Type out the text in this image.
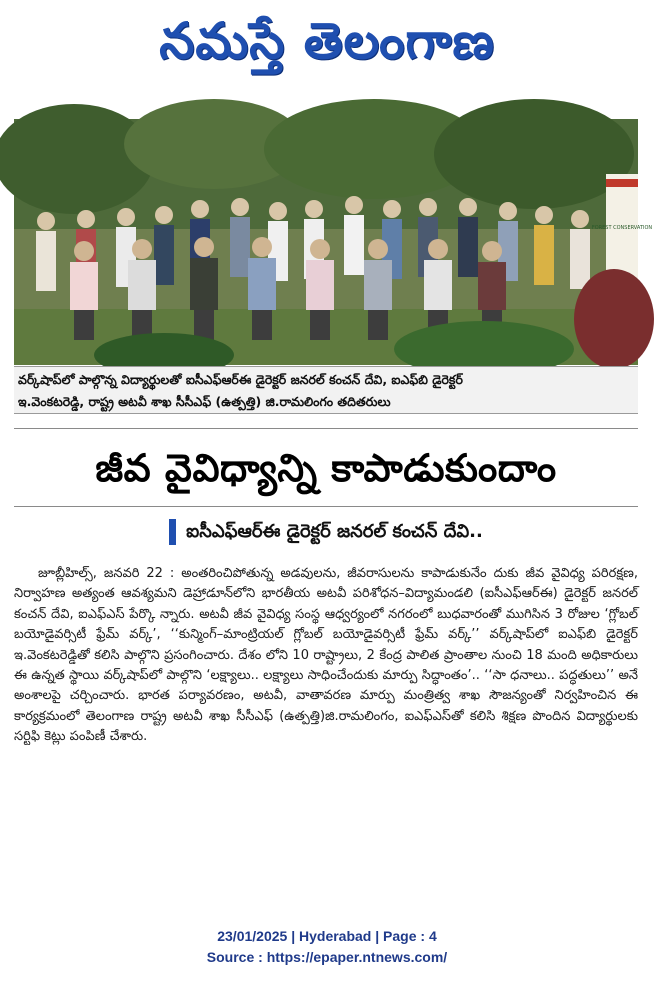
నమస్తే తెలంగాణ
FOREST CONSERVATION
వర్క్‌షాప్‌లో పాల్గొన్న విద్యార్థులతో ఐసీఎఫ్‌ఆర్‌ఈ డైరెక్టర్ జనరల్ కంచన్ దేవి, ఐఎఫ్‌బి డైరెక్టర్
ఇ.వెంకటరెడ్డి, రాష్ట్ర అటవీ శాఖ సీసీఎఫ్ (ఉత్పత్తి) జి.రామలింగం తదితరులు
జీవ వైవిధ్యాన్ని కాపాడుకుందాం
ఐసీఎఫ్‌ఆర్‌ఈ డైరెక్టర్ జనరల్ కంచన్ దేవి..
జూబ్లీహిల్స్, జనవరి 22 : అంతరించిపోతున్న అడవులను, జీవరాసులను కాపాడుకునేం దుకు జీవ వైవిధ్య పరిరక్షణ, నిర్వాహణ అత్యంత ఆవశ్యమని డెహ్రాడూన్‌లోని భారతీయ అటవీ పరిశోధన–విద్యామండలి (ఐసీఎఫ్‌ఆర్‌ఈ) డైరెక్టర్ జనరల్ కంచన్ దేవి, ఐఎఫ్‌ఎస్ పేర్కొ న్నారు. అటవీ జీవ వైవిధ్య సంస్థ ఆధ్వర్యంలో నగరంలో బుధవారంతో ముగిసిన 3 రోజుల ‘గ్లోబల్ బయోడైవర్సిటీ ఫ్రేమ్ వర్క్’, ‘‘కున్మింగ్–మాంట్రియల్ గ్లోబల్ బయోడైవర్సిటీ ఫ్రేమ్ వర్క్’’ వర్క్‌షాప్‌లో ఐఎఫ్‌బి డైరెక్టర్ ఇ.వెంకటరెడ్డితో కలిసి పాల్గొని ప్రసంగించారు. దేశం లోని 10 రాష్ట్రాలు, 2 కేంద్ర పాలిత ప్రాంతాల నుంచి 18 మంది అధికారులు ఈ ఉన్నత స్థాయి వర్క్‌షాప్‌లో పాల్గొని ‘లక్ష్యాలు.. లక్ష్యాలు సాధించేందుకు మార్పు సిద్ధాంతం’.. ‘‘సా ధనాలు.. పద్ధతులు’’ అనే అంశాలపై చర్చించారు. భారత పర్యావరణం, అటవీ, వాతావరణ మార్పు మంత్రిత్వ శాఖ సౌజన్యంతో నిర్వహించిన ఈ కార్యక్రమంలో తెలంగాణ రాష్ట్ర అటవీ శాఖ సీసీఎఫ్ (ఉత్పత్తి)జి.రామలింగం, ఐఎఫ్‌ఎస్‌తో కలిసి శిక్షణ పొందిన విద్యార్థులకు సర్టిఫి కెట్లు పంపిణీ చేశారు.
23/01/2025 | Hyderabad | Page : 4
Source : https://epaper.ntnews.com/
